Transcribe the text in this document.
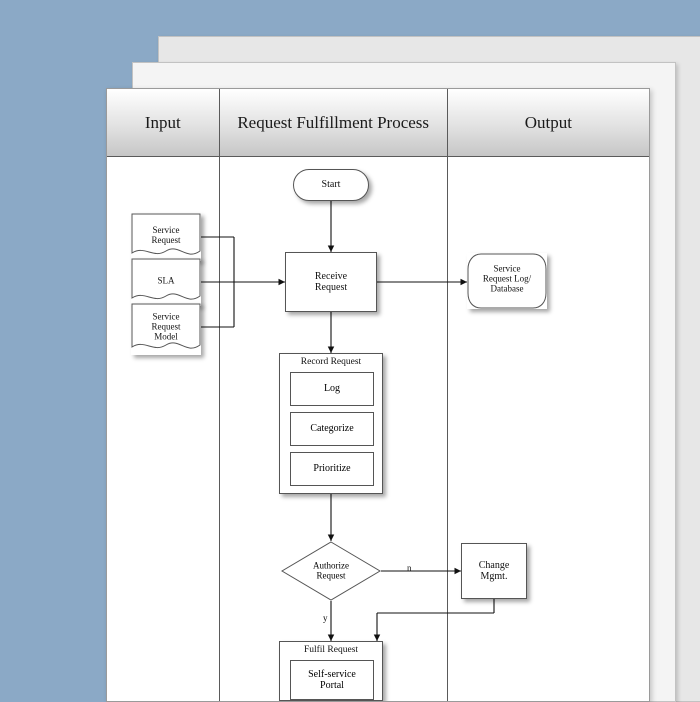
Input	Request Fulfillment Process	Output
Start
Service
Request
SLA
Service
Request
Model
Receive
Request
Service
Request Log/
Database
Record Request
Log
Categorize
Prioritize
Authorize
Request
n
y
Change
Mgmt.
Fulfil Request
Self-service
Portal
